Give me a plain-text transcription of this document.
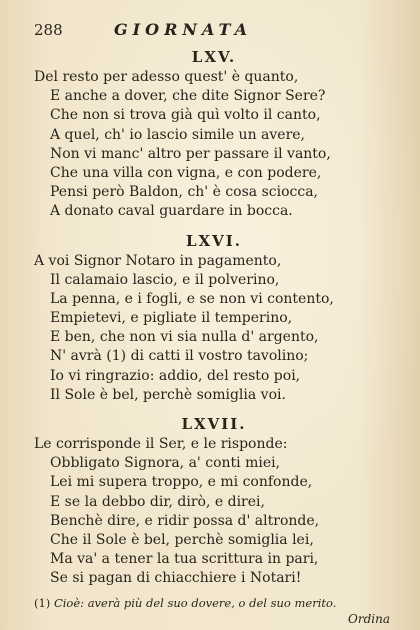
288	GIORNATA
LXV.
Del resto per adesso quest' è quanto,
E anche a dover, che dite Signor Sere?
Che non si trova già quì volto il canto,
A quel, ch' io lascio simile un avere,
Non vi manc' altro per passare il vanto,
Che una villa con vigna, e con podere,
Pensi però Baldon, ch' è cosa sciocca,
A donato caval guardare in bocca.
LXVI.
A voi Signor Notaro in pagamento,
Il calamaio lascio, e il polverino,
La penna, e i fogli, e se non vi contento,
Empietevi, e pigliate il temperino,
E ben, che non vi sia nulla d' argento,
N' avrà (1) di catti il vostro tavolino;
Io vi ringrazio: addio, del resto poi,
Il Sole è bel, perchè somiglia voi.
LXVII.
Le corrisponde il Ser, e le risponde:
Obbligato Signora, a' conti miei,
Lei mi supera troppo, e mi confonde,
E se la debbo dir, dirò, e direi,
Benchè dire, e ridir possa d' altronde,
Che il Sole è bel, perchè somiglia lei,
Ma va' a tener la tua scrittura in pari,
Se si pagan di chiacchiere i Notari!
(1) Cioè: averà più del suo dovere, o del suo merito.
Ordina
